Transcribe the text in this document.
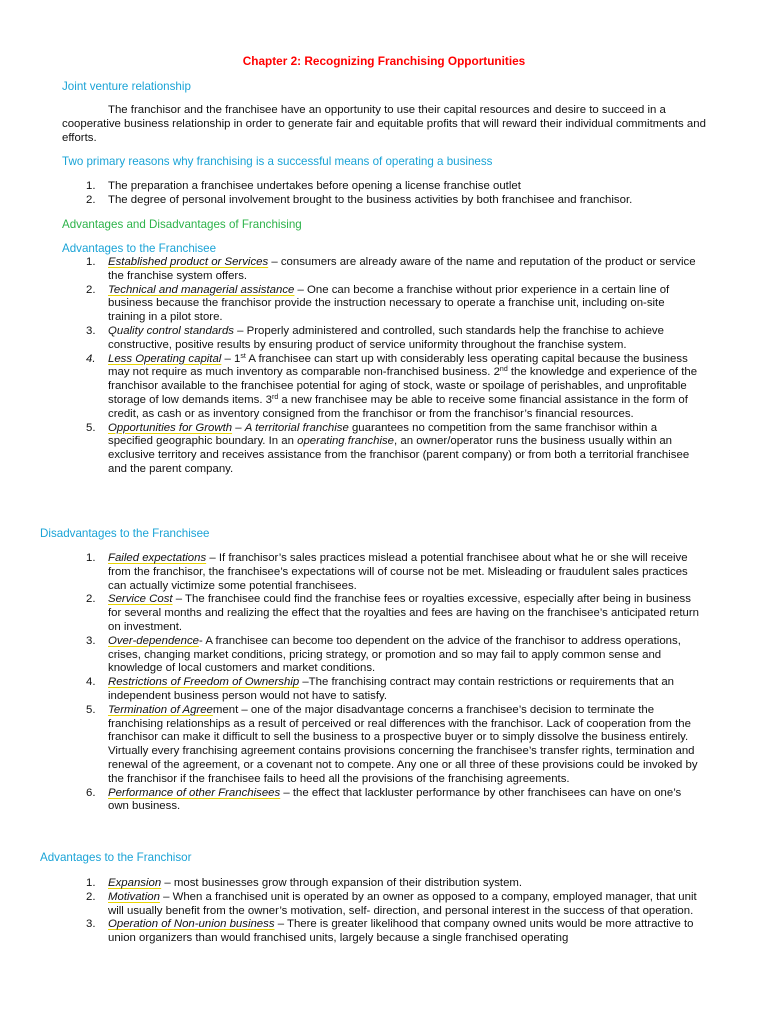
Chapter 2: Recognizing Franchising Opportunities
Joint venture relationship
The franchisor and the franchisee have an opportunity to use their capital resources and desire to succeed in a cooperative business relationship in order to generate fair and equitable profits that will reward their individual commitments and efforts.
Two primary reasons why franchising is a successful means of operating a business
1. The preparation a franchisee undertakes before opening a license franchise outlet
2. The degree of personal involvement brought to the business activities by both franchisee and franchisor.
Advantages and Disadvantages of Franchising
Advantages to the Franchisee
1. Established product or Services – consumers are already aware of the name and reputation of the product or service the franchise system offers.
2. Technical and managerial assistance – One can become a franchise without prior experience in a certain line of business because the franchisor provide the instruction necessary to operate a franchise unit, including on-site training in a pilot store.
3. Quality control standards – Properly administered and controlled, such standards help the franchise to achieve constructive, positive results by ensuring product of service uniformity throughout the franchise system.
4. Less Operating capital – 1st A franchisee can start up with considerably less operating capital because the business may not require as much inventory as comparable non-franchised business. 2nd the knowledge and experience of the franchisor available to the franchisee potential for aging of stock, waste or spoilage of perishables, and unprofitable storage of low demands items. 3rd a new franchisee may be able to receive some financial assistance in the form of credit, as cash or as inventory consigned from the franchisor or from the franchisor’s financial resources.
5. Opportunities for Growth – A territorial franchise guarantees no competition from the same franchisor within a specified geographic boundary. In an operating franchise, an owner/operator runs the business usually within an exclusive territory and receives assistance from the franchisor (parent company) or from both a territorial franchisee and the parent company.
Disadvantages to the Franchisee
1. Failed expectations – If franchisor’s sales practices mislead a potential franchisee about what he or she will receive from the franchisor, the franchisee’s expectations will of course not be met. Misleading or fraudulent sales practices can actually victimize some potential franchisees.
2. Service Cost – The franchisee could find the franchise fees or royalties excessive, especially after being in business for several months and realizing the effect that the royalties and fees are having on the franchisee’s anticipated return on investment.
3. Over-dependence- A franchisee can become too dependent on the advice of the franchisor to address operations, crises, changing market conditions, pricing strategy, or promotion and so may fail to apply common sense and knowledge of local customers and market conditions.
4. Restrictions of Freedom of Ownership –The franchising contract may contain restrictions or requirements that an independent business person would not have to satisfy.
5. Termination of Agreement – one of the major disadvantage concerns a franchisee’s decision to terminate the franchising relationships as a result of perceived or real differences with the franchisor. Lack of cooperation from the franchisor can make it difficult to sell the business to a prospective buyer or to simply dissolve the business entirely. Virtually every franchising agreement contains provisions concerning the franchisee’s transfer rights, termination and renewal of the agreement, or a covenant not to compete. Any one or all three of these provisions could be invoked by the franchisor if the franchisee fails to heed all the provisions of the franchising agreements.
6. Performance of other Franchisees – the effect that lackluster performance by other franchisees can have on one’s own business.
Advantages to the Franchisor
1. Expansion – most businesses grow through expansion of their distribution system.
2. Motivation – When a franchised unit is operated by an owner as opposed to a company, employed manager, that unit will usually benefit from the owner’s motivation, self- direction, and personal interest in the success of that operation.
3. Operation of Non-union business – There is greater likelihood that company owned units would be more attractive to union organizers than would franchised units, largely because a single franchised operating
